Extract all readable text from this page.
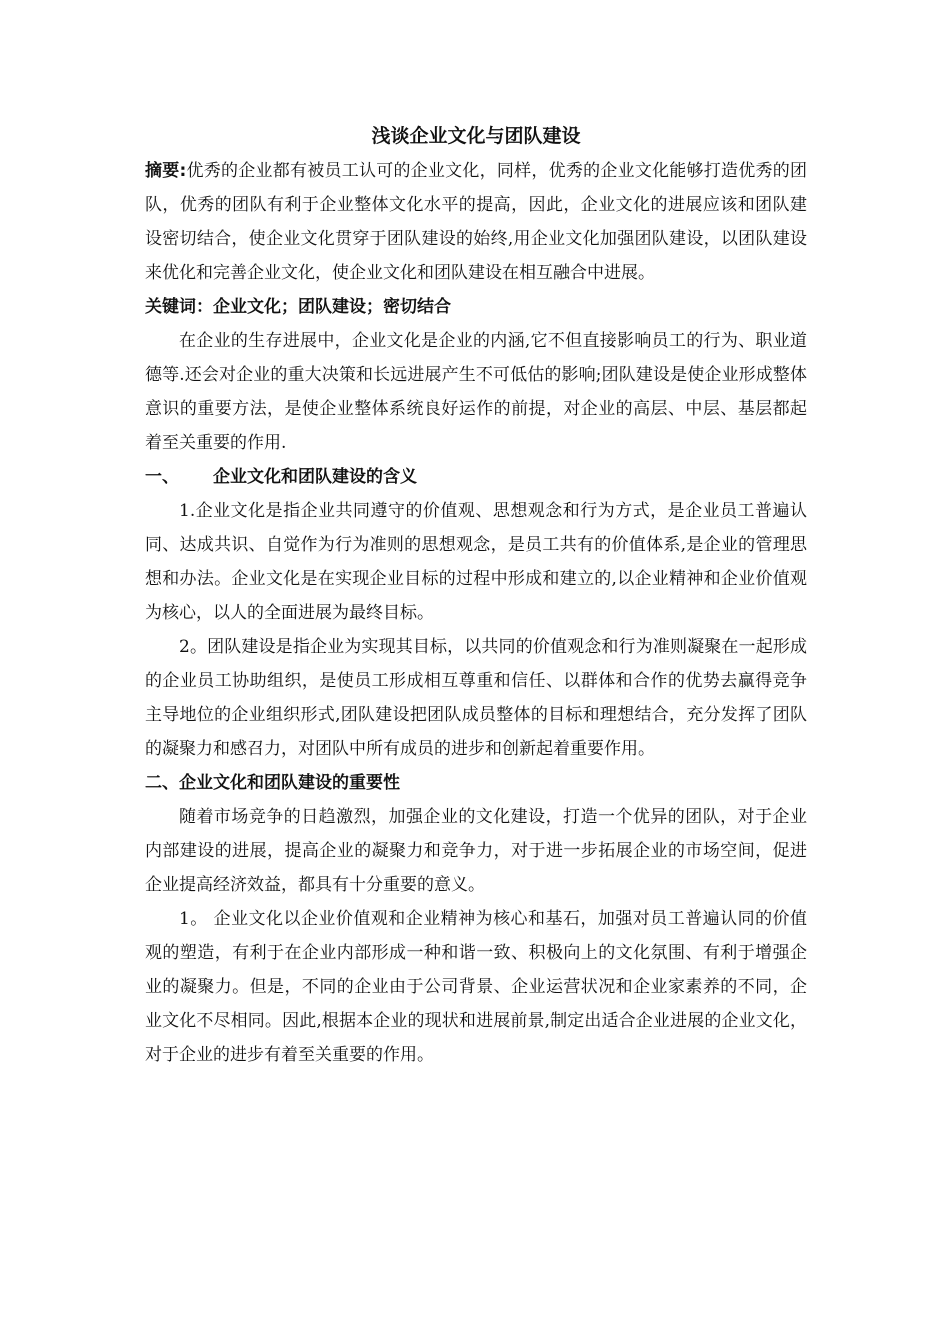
浅谈企业文化与团队建设

摘要:优秀的企业都有被员工认可的企业文化，同样，优秀的企业文化能够打造优秀的团队，优秀的团队有利于企业整体文化水平的提高，因此，企业文化的进展应该和团队建设密切结合，使企业文化贯穿于团队建设的始终,用企业文化加强团队建设，以团队建设来优化和完善企业文化，使企业文化和团队建设在相互融合中进展。

关键词：企业文化；团队建设；密切结合

在企业的生存进展中，企业文化是企业的内涵,它不但直接影响员工的行为、职业道德等.还会对企业的重大决策和长远进展产生不可低估的影响;团队建设是使企业形成整体意识的重要方法，是使企业整体系统良好运作的前提，对企业的高层、中层、基层都起着至关重要的作用.

一、 企业文化和团队建设的含义

1.企业文化是指企业共同遵守的价值观、思想观念和行为方式，是企业员工普遍认同、达成共识、自觉作为行为准则的思想观念，是员工共有的价值体系,是企业的管理思想和办法。企业文化是在实现企业目标的过程中形成和建立的,以企业精神和企业价值观为核心，以人的全面进展为最终目标。

2。团队建设是指企业为实现其目标，以共同的价值观念和行为准则凝聚在一起形成的企业员工协助组织，是使员工形成相互尊重和信任、以群体和合作的优势去赢得竞争主导地位的企业组织形式,团队建设把团队成员整体的目标和理想结合，充分发挥了团队的凝聚力和感召力，对团队中所有成员的进步和创新起着重要作用。

二、企业文化和团队建设的重要性

随着市场竞争的日趋激烈，加强企业的文化建设，打造一个优异的团队，对于企业内部建设的进展，提高企业的凝聚力和竞争力，对于进一步拓展企业的市场空间，促进企业提高经济效益，都具有十分重要的意义。

1。 企业文化以企业价值观和企业精神为核心和基石，加强对员工普遍认同的价值观的塑造，有利于在企业内部形成一种和谐一致、积极向上的文化氛围、有利于增强企业的凝聚力。但是，不同的企业由于公司背景、企业运营状况和企业家素养的不同，企业文化不尽相同。因此,根据本企业的现状和进展前景,制定出适合企业进展的企业文化，对于企业的进步有着至关重要的作用。
